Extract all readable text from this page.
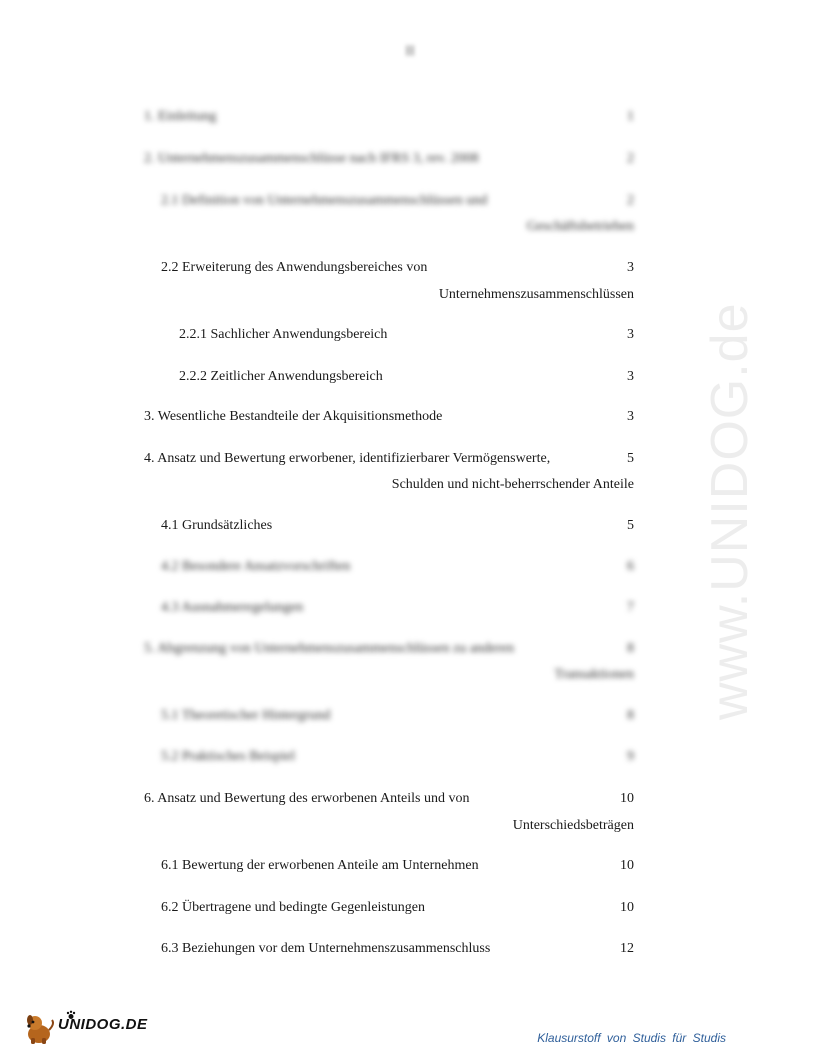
II
www.UNIDOG.de
1. Einleitung	1
2. Unternehmenszusammenschlüsse nach IFRS 3, rev. 2008	2
2.1 Definition von Unternehmenszusammenschlüssen und	2
Geschäftsbetrieben
2.2 Erweiterung des Anwendungsbereiches von	3
Unternehmenszusammenschlüssen
2.2.1 Sachlicher Anwendungsbereich	3
2.2.2 Zeitlicher Anwendungsbereich	3
3. Wesentliche Bestandteile der Akquisitionsmethode	3
4. Ansatz und Bewertung erworbener, identifizierbarer Vermögenswerte,	5
Schulden und nicht-beherrschender Anteile
4.1 Grundsätzliches	5
4.2 Besondere Ansatzvorschriften	6
4.3 Ausnahmeregelungen	7
5. Abgrenzung von Unternehmenszusammenschlüssen zu anderen	8
Transaktionen
5.1 Theoretischer Hintergrund	8
5.2 Praktisches Beispiel	9
6. Ansatz und Bewertung des erworbenen Anteils und von	10
Unterschiedsbeträgen
6.1 Bewertung der erworbenen Anteile am Unternehmen	10
6.2 Übertragene und bedingte Gegenleistungen	10
6.3 Beziehungen vor dem Unternehmenszusammenschluss	12
UNIDOG.DE
Klausurstoff von Studis für Studis
